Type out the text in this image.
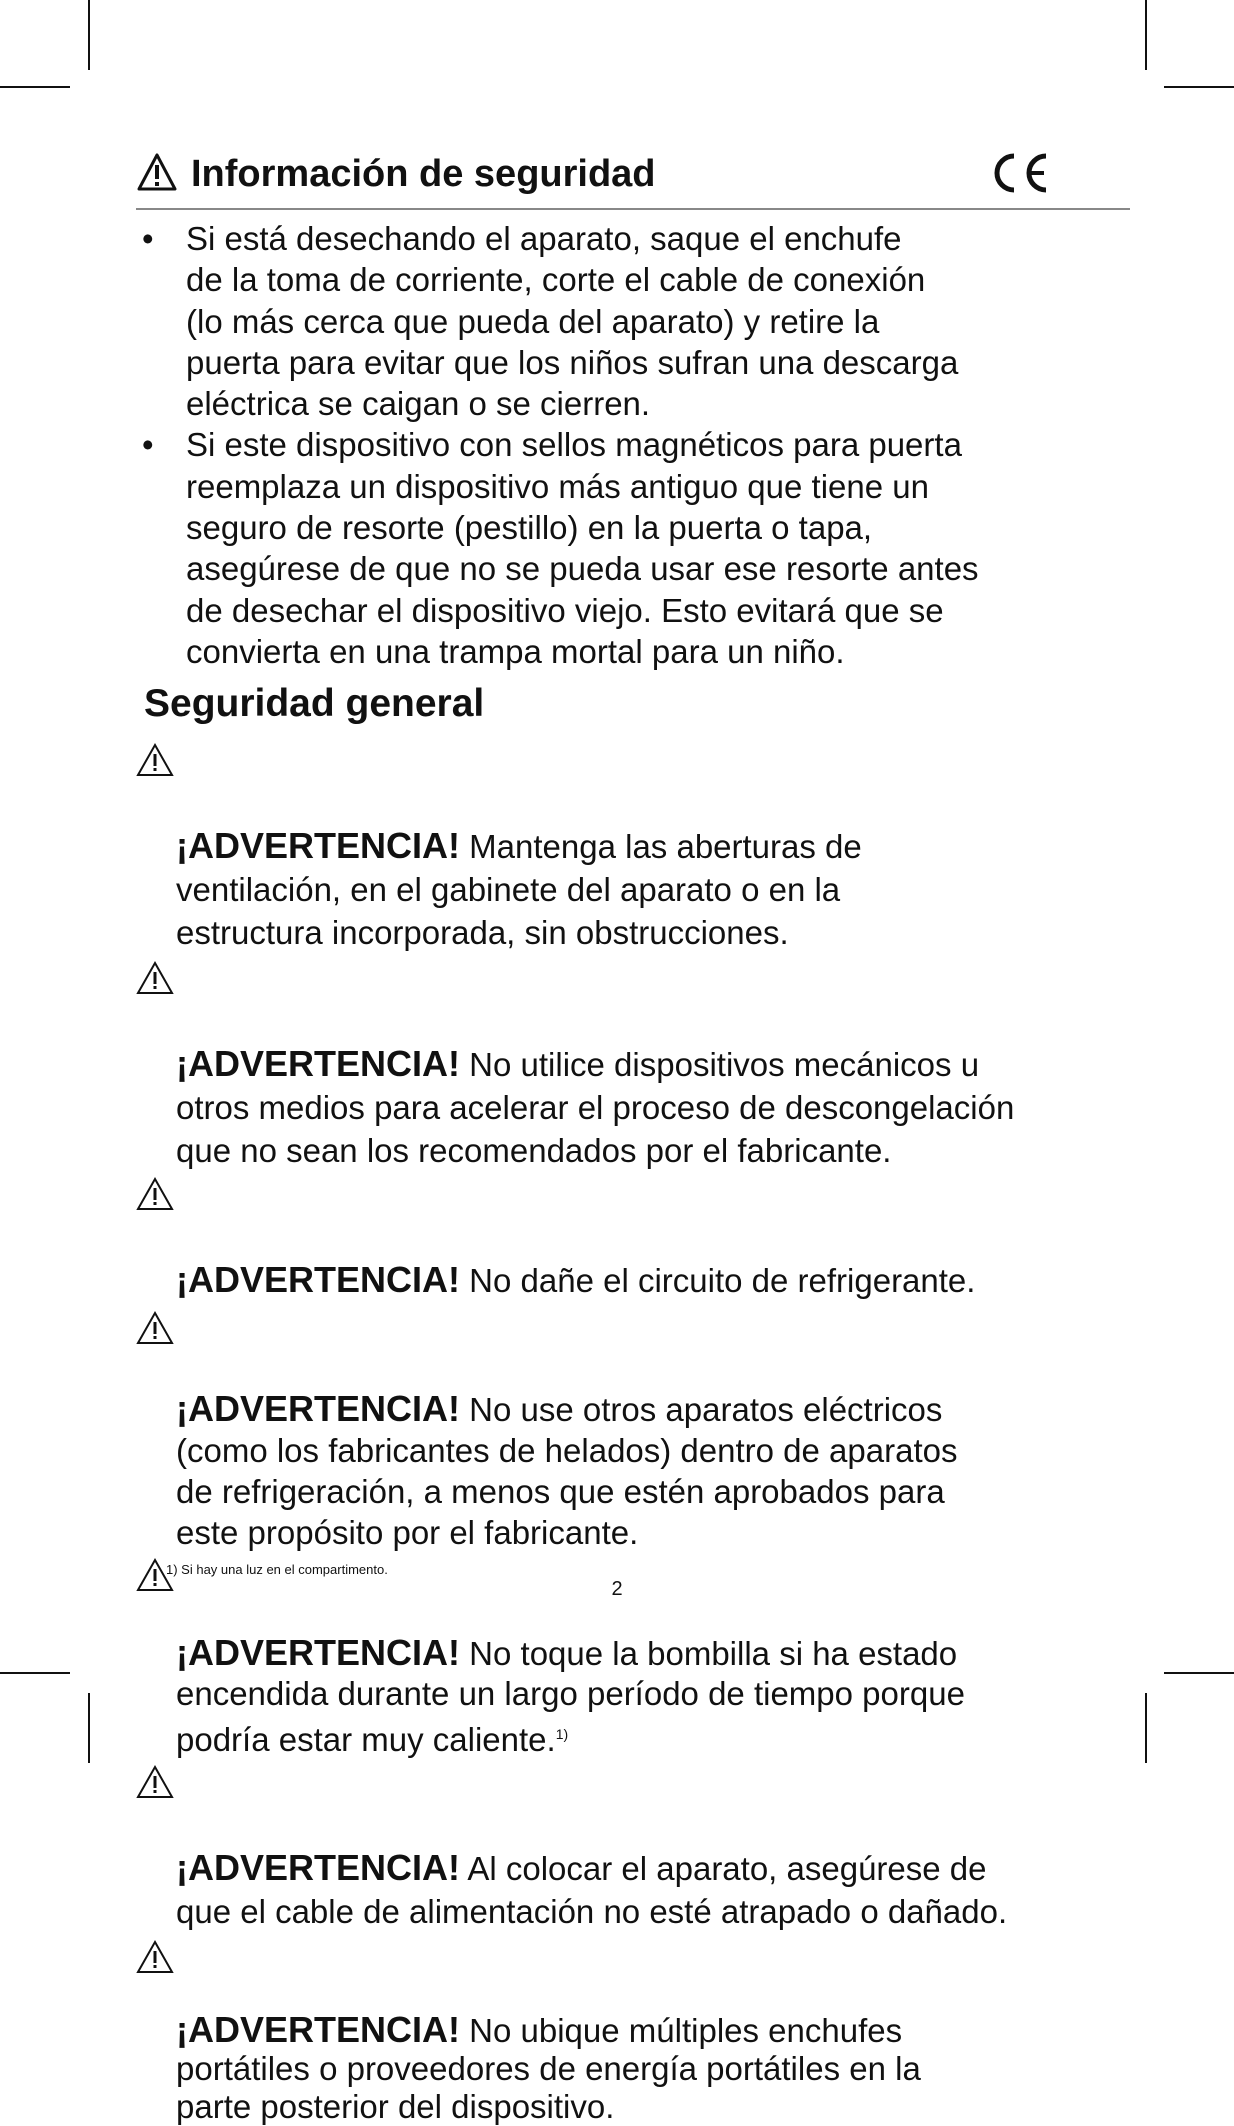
Información de seguridad
• Si está desechando el aparato, saque el enchufe
de la toma de corriente, corte el cable de conexión
(lo más cerca que pueda del aparato) y retire la
puerta para evitar que los niños sufran una descarga
eléctrica se caigan o se cierren.
• Si este dispositivo con sellos magnéticos para puerta
reemplaza un dispositivo más antiguo que tiene un
seguro de resorte (pestillo) en la puerta o tapa,
asegúrese de que no se pueda usar ese resorte antes
de desechar el dispositivo viejo. Esto evitará que se
convierta en una trampa mortal para un niño.
Seguridad general

¡ADVERTENCIA! Mantenga las aberturas de
ventilación, en el gabinete del aparato o en la
estructura incorporada, sin obstrucciones.

¡ADVERTENCIA! No utilice dispositivos mecánicos u
otros medios para acelerar el proceso de descongelación
que no sean los recomendados por el fabricante.

¡ADVERTENCIA! No dañe el circuito de refrigerante.

¡ADVERTENCIA! No use otros aparatos eléctricos
(como los fabricantes de helados) dentro de aparatos
de refrigeración, a menos que estén aprobados para
este propósito por el fabricante.

¡ADVERTENCIA! No toque la bombilla si ha estado
encendida durante un largo período de tiempo porque
podría estar muy caliente.$^{1)}$

¡ADVERTENCIA! Al colocar el aparato, asegúrese de
que el cable de alimentación no esté atrapado o dañado.

¡ADVERTENCIA! No ubique múltiples enchufes
portátiles o proveedores de energía portátiles en la
parte posterior del dispositivo.

1) Si hay una luz en el compartimento.
2
